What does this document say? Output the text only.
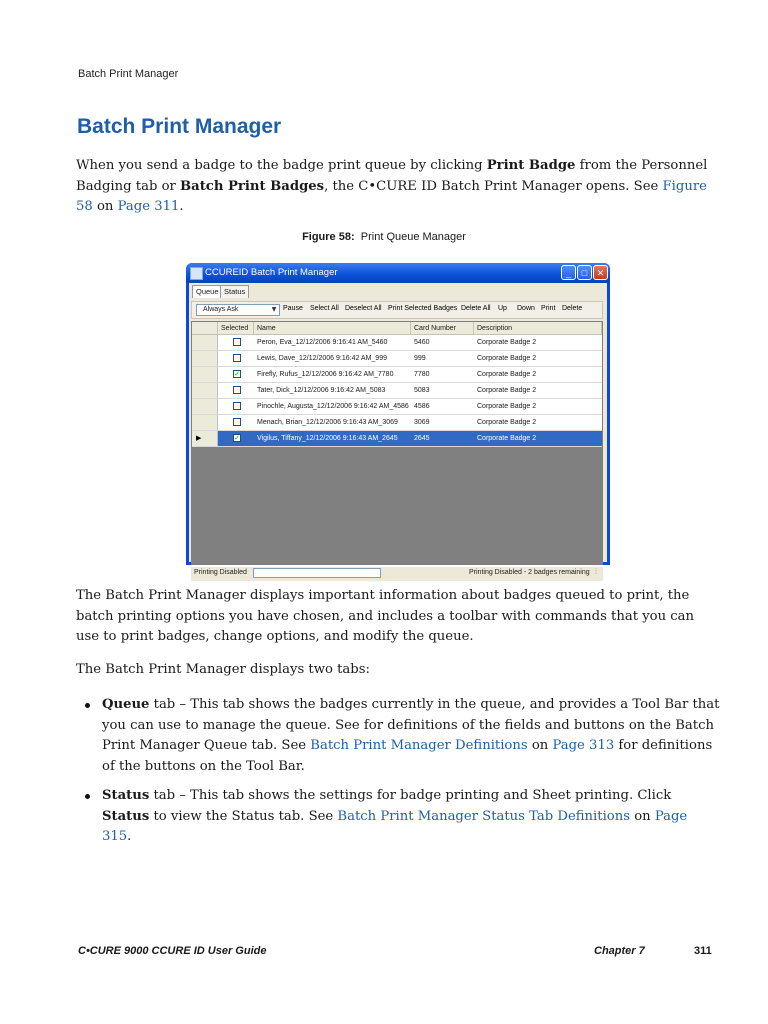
Batch Print Manager
Batch Print Manager
When you send a badge to the badge print queue by clicking Print Badge from the Personnel Badging tab or Batch Print Badges, the C•CURE ID Batch Print Manager opens. See Figure 58 on Page 311.
Figure 58: Print Queue Manager
CCUREID Batch Print Manager	_	□	✕
Queue Status
Always Ask	▼ Pause Select All Deselect All Print Selected Badges Delete All Up Down Print Delete
Selected	Name	Card Number	Description
Peron, Eva_12/12/2006 9:16:41 AM_5460	5460	Corporate Badge 2
Lewis, Dave_12/12/2006 9:16:42 AM_999	999	Corporate Badge 2
✓ Firefly, Rufus_12/12/2006 9:16:42 AM_7780	7780	Corporate Badge 2
Tater, Dick_12/12/2006 9:16:42 AM_5083	5083	Corporate Badge 2
Pinochle, Augusta_12/12/2006 9:16:42 AM_4586 4586	Corporate Badge 2
Menach, Brian_12/12/2006 9:16:43 AM_3069	3069	Corporate Badge 2
▶	✓ Vigilus, Tiffany_12/12/2006 9:16:43 AM_2645	2645	Corporate Badge 2
Printing Disabled	Printing Disabled - 2 badges remaining ⁞
The Batch Print Manager displays important information about badges queued to print, the batch printing options you have chosen, and includes a toolbar with commands that you can use to print badges, change options, and modify the queue.
The Batch Print Manager displays two tabs:
Queue tab – This tab shows the badges currently in the queue, and provides a Tool Bar that you can use to manage the queue. See for definitions of the fields and buttons on the Batch Print Manager Queue tab. See Batch Print Manager Definitions on Page 313 for definitions of the buttons on the Tool Bar.
Status tab – This tab shows the settings for badge printing and Sheet printing. Click Status to view the Status tab. See Batch Print Manager Status Tab Definitions on Page 315.
C•CURE 9000 CCURE ID User Guide	Chapter 7	311
